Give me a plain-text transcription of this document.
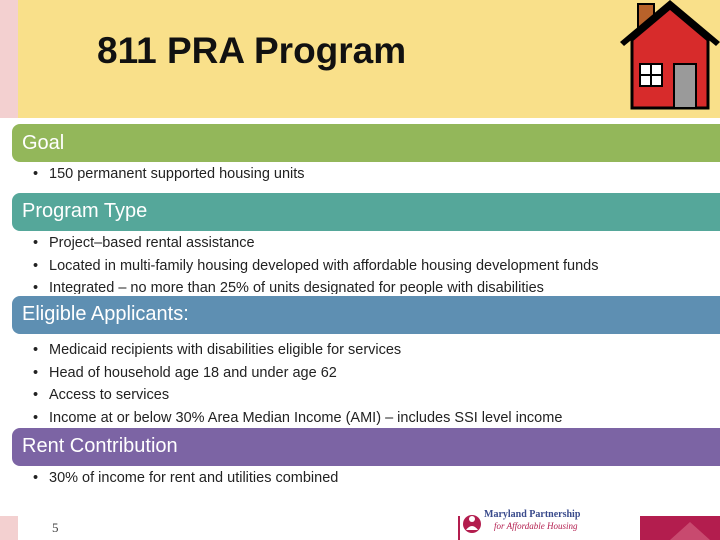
811 PRA Program
Goal
• 150 permanent supported housing units
Program Type
• Project–based rental assistance
• Located in multi-family housing developed with affordable housing development funds
• Integrated – no more than 25% of units designated for people with disabilities
Eligible Applicants:
• Medicaid recipients with disabilities eligible for services
• Head of household age 18 and under age 62
• Access to services
• Income at or below 30% Area Median Income (AMI) – includes SSI level income
Rent Contribution
• 30% of income for rent and utilities combined
5
Maryland Partnership
for Affordable Housing
